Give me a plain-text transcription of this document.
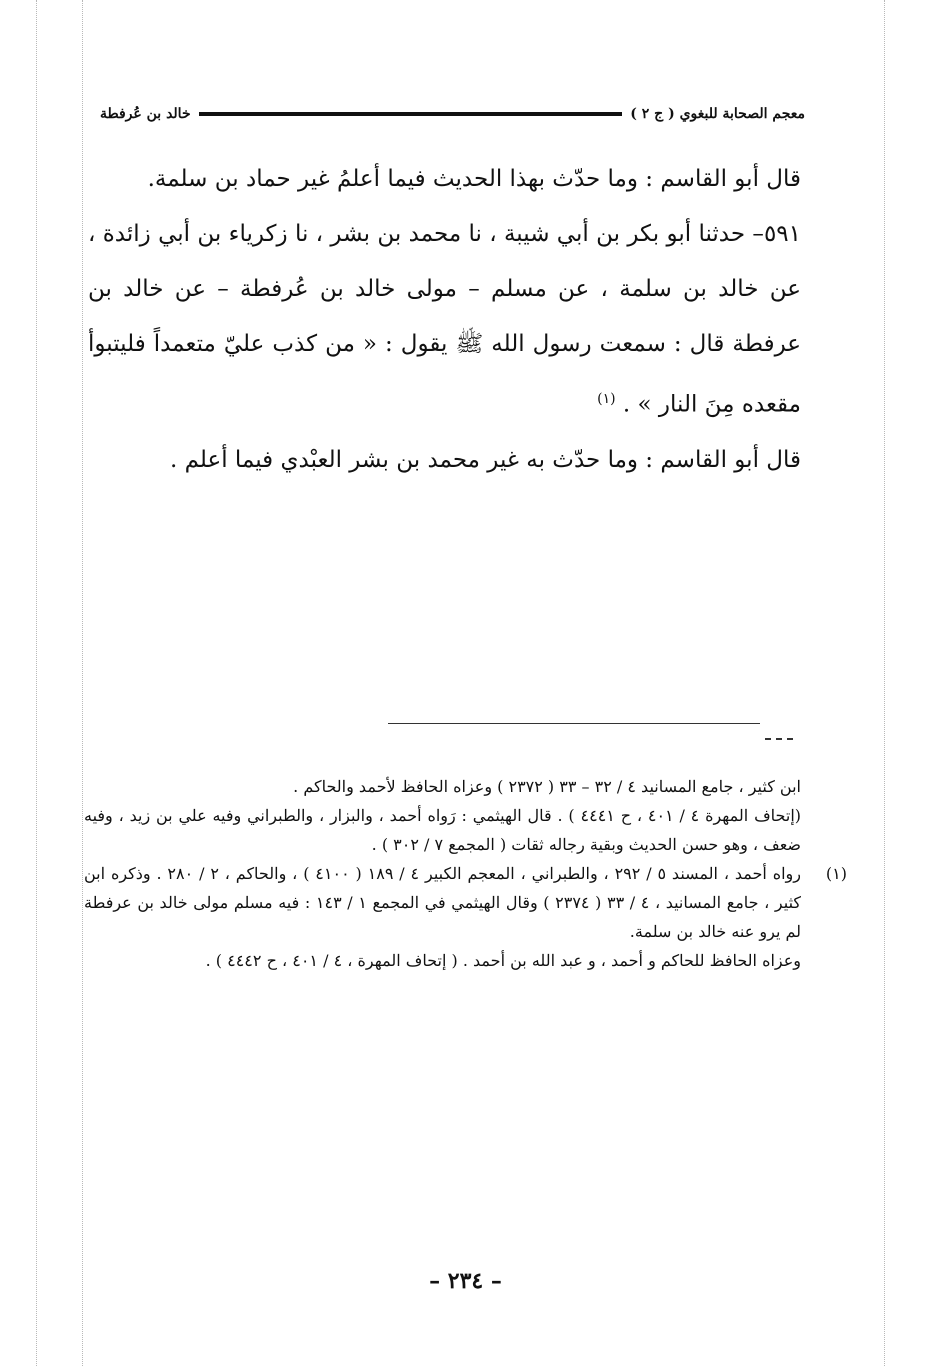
معجم الصحابة للبغوي ( ج ٢ )
خالد بن عُرفطة

قال أبو القاسم : وما حدّث بهذا الحديث فيما أعلمُ غير حماد بن سلمة.

٥٩١– حدثنا أبو بكر بن أبي شيبة ، نا محمد بن بشر ، نا زكرياء بن أبي زائدة ، عن خالد بن سلمة ، عن مسلم – مولى خالد بن عُرفطة – عن خالد بن عرفطة قال : سمعت رسول الله ﷺ يقول : « من كذب عليّ متعمداً فليتبوأ مقعده مِنَ النار » . $^{(١)}$

قال أبو القاسم : وما حدّث به غير محمد بن بشر العبْدي فيما أعلم .

ابن كثير ، جامع المسانيد ٤ / ٣٢ – ٣٣ ( ٢٣٧٢ ) وعزاه الحافظ لأحمد والحاكم .

(إتحاف المهرة ٤ / ٤٠١ ، ح ٤٤٤١ ) . قال الهيثمي : رَواه أحمد ، والبزار ، والطبراني وفيه علي بن زيد ، وفيه ضعف ، وهو حسن الحديث وبقية رجاله ثقات ( المجمع ٧ / ٣٠٢ ) .

(١)

رواه أحمد ، المسند ٥ / ٢٩٢ ، والطبراني ، المعجم الكبير ٤ / ١٨٩ ( ٤١٠٠ ) ، والحاكم ، ٢ / ٢٨٠ . وذكره ابن كثير ، جامع المسانيد ، ٤ / ٣٣ ( ٢٣٧٤ ) وقال الهيثمي في المجمع ١ / ١٤٣ : فيه مسلم مولى خالد بن عرفطة لم يرو عنه خالد بن سلمة.

وعزاه الحافظ للحاكم و أحمد ، و عبد الله بن أحمد . ( إتحاف المهرة ، ٤ / ٤٠١ ، ح ٤٤٤٢ ) .

– ٢٣٤ –
